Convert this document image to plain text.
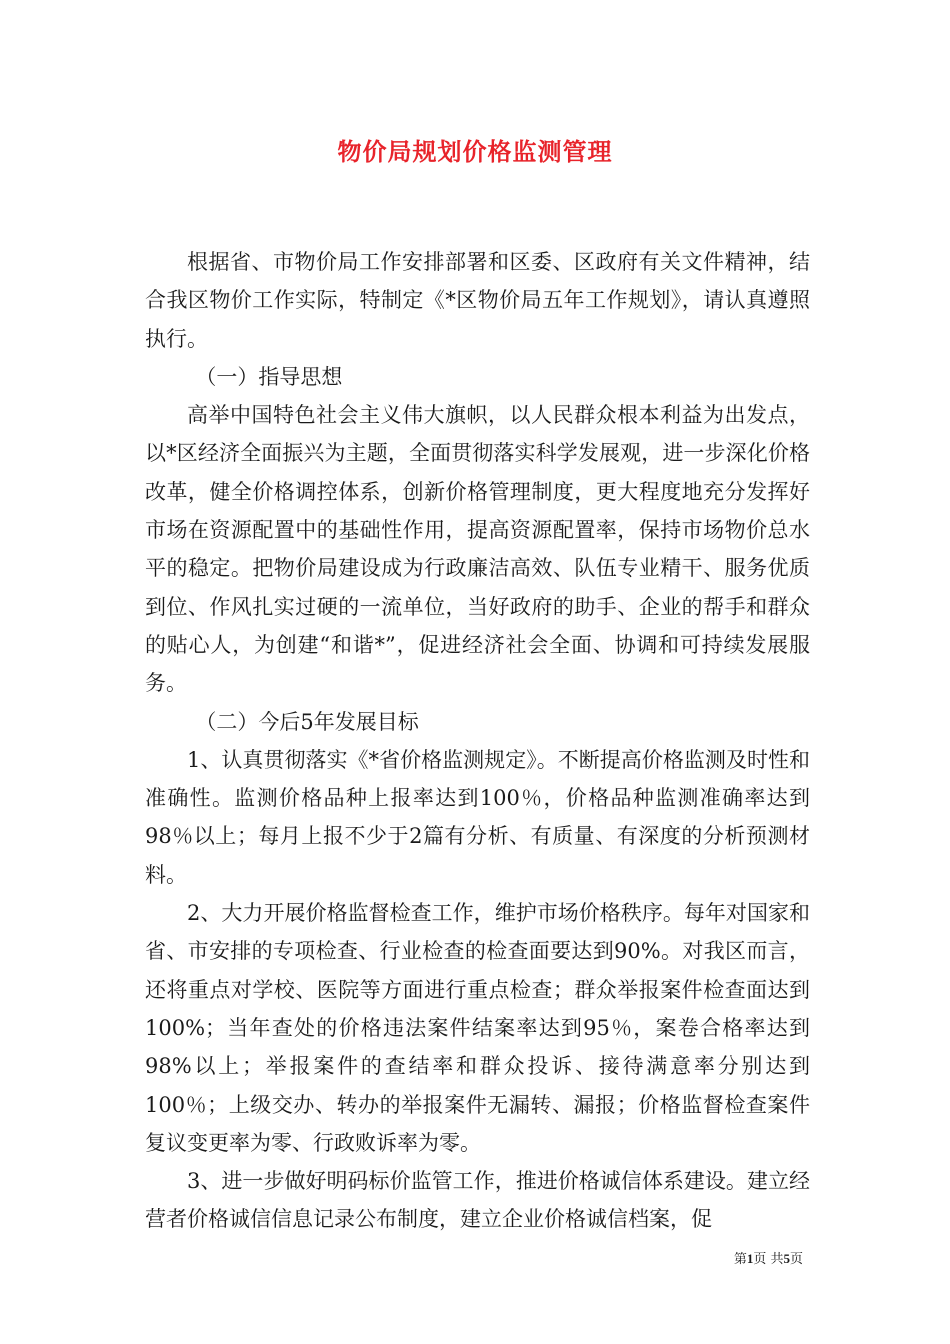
物价局规划价格监测管理

根据省、市物价局工作安排部署和区委、区政府有关文件精神，结合我区物价工作实际，特制定《*区物价局五年工作规划》，请认真遵照执行。

（一）指导思想

高举中国特色社会主义伟大旗帜，以人民群众根本利益为出发点，以*区经济全面振兴为主题，全面贯彻落实科学发展观，进一步深化价格改革，健全价格调控体系，创新价格管理制度，更大程度地充分发挥好市场在资源配置中的基础性作用，提高资源配置率，保持市场物价总水平的稳定。把物价局建设成为行政廉洁高效、队伍专业精干、服务优质到位、作风扎实过硬的一流单位，当好政府的助手、企业的帮手和群众的贴心人，为创建“和谐*”，促进经济社会全面、协调和可持续发展服务。

（二）今后5年发展目标

1、认真贯彻落实《*省价格监测规定》。不断提高价格监测及时性和准确性。监测价格品种上报率达到100％，价格品种监测准确率达到98％以上；每月上报不少于2篇有分析、有质量、有深度的分析预测材料。

2、大力开展价格监督检查工作，维护市场价格秩序。每年对国家和省、市安排的专项检查、行业检查的检查面要达到90%。对我区而言，还将重点对学校、医院等方面进行重点检查；群众举报案件检查面达到100%；当年查处的价格违法案件结案率达到95％，案卷合格率达到98%以上；举报案件的查结率和群众投诉、接待满意率分别达到100％；上级交办、转办的举报案件无漏转、漏报；价格监督检查案件复议变更率为零、行政败诉率为零。

3、进一步做好明码标价监管工作，推进价格诚信体系建设。建立经营者价格诚信信息记录公布制度，建立企业价格诚信档案，促

第1页 共5页
